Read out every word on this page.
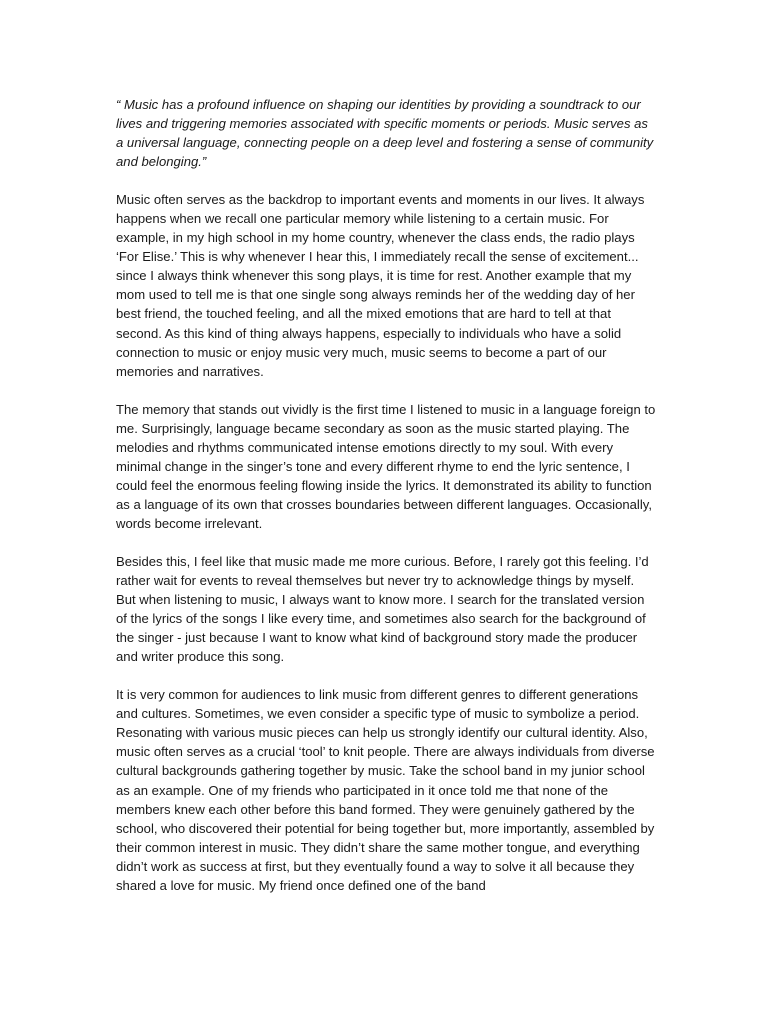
“ Music has a profound influence on shaping our identities by providing a soundtrack to our lives and triggering memories associated with specific moments or periods. Music serves as a universal language, connecting people on a deep level and fostering a sense of community and belonging.”

Music often serves as the backdrop to important events and moments in our lives. It always happens when we recall one particular memory while listening to a certain music. For example, in my high school in my home country, whenever the class ends, the radio plays ‘For Elise.’ This is why whenever I hear this, I immediately recall the sense of excitement... since I always think whenever this song plays, it is time for rest. Another example that my mom used to tell me is that one single song always reminds her of the wedding day of her best friend, the touched feeling, and all the mixed emotions that are hard to tell at that second. As this kind of thing always happens, especially to individuals who have a solid connection to music or enjoy music very much, music seems to become a part of our memories and narratives.

The memory that stands out vividly is the first time I listened to music in a language foreign to me. Surprisingly, language became secondary as soon as the music started playing. The melodies and rhythms communicated intense emotions directly to my soul. With every minimal change in the singer’s tone and every different rhyme to end the lyric sentence, I could feel the enormous feeling flowing inside the lyrics. It demonstrated its ability to function as a language of its own that crosses boundaries between different languages. Occasionally, words become irrelevant.

Besides this, I feel like that music made me more curious. Before, I rarely got this feeling. I’d rather wait for events to reveal themselves but never try to acknowledge things by myself. But when listening to music, I always want to know more. I search for the translated version of the lyrics of the songs I like every time, and sometimes also search for the background of the singer - just because I want to know what kind of background story made the producer and writer produce this song.

It is very common for audiences to link music from different genres to different generations and cultures. Sometimes, we even consider a specific type of music to symbolize a period. Resonating with various music pieces can help us strongly identify our cultural identity. Also, music often serves as a crucial ‘tool’ to knit people. There are always individuals from diverse cultural backgrounds gathering together by music. Take the school band in my junior school as an example. One of my friends who participated in it once told me that none of the members knew each other before this band formed. They were genuinely gathered by the school, who discovered their potential for being together but, more importantly, assembled by their common interest in music. They didn’t share the same mother tongue, and everything didn’t work as success at first, but they eventually found a way to solve it all because they shared a love for music. My friend once defined one of the band
